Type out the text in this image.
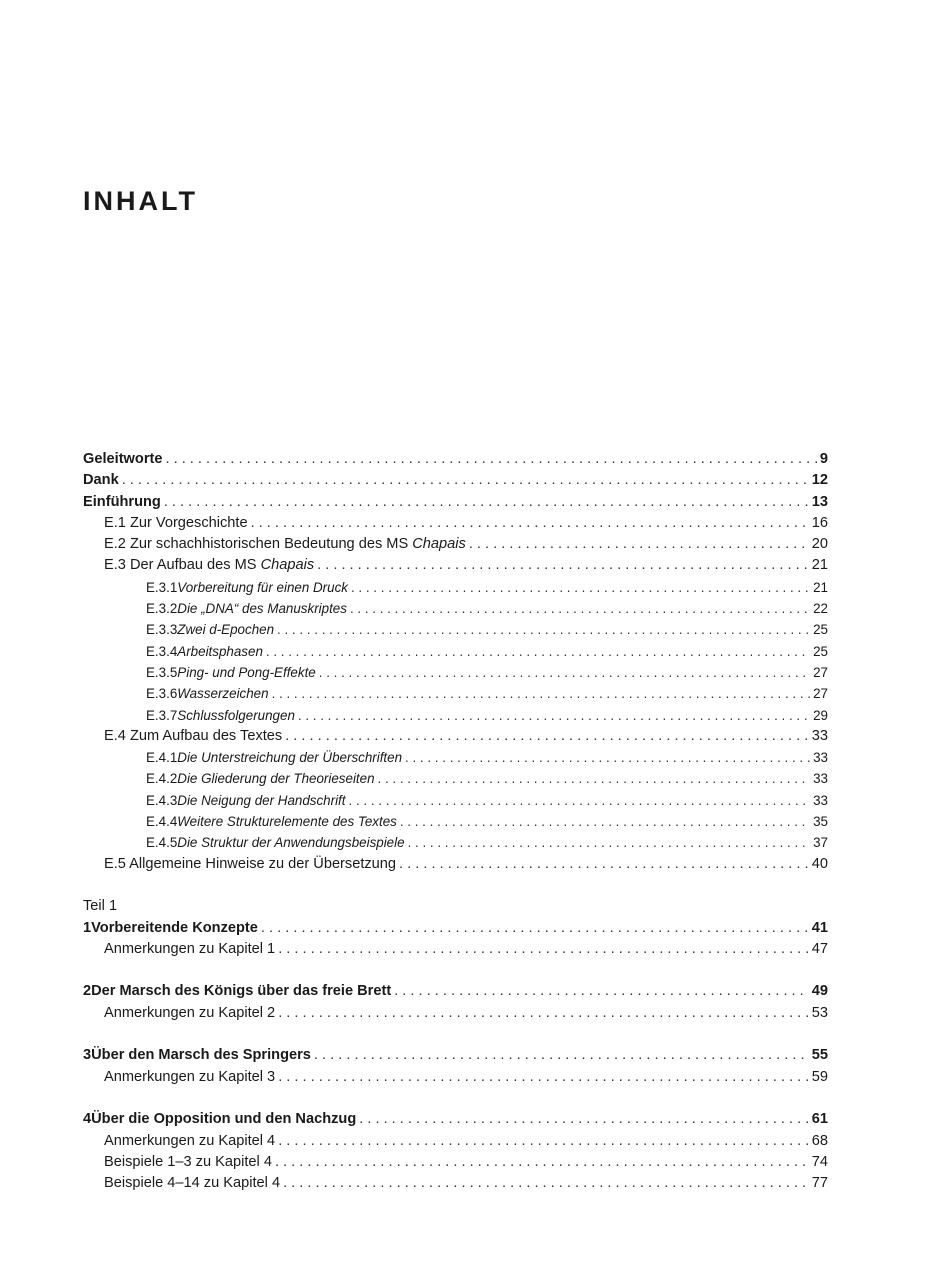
INHALT
Geleitworte . . .	9
Dank . . .	12
Einführung . . .	13
E.1 Zur Vorgeschichte . . .	16
E.2 Zur schachhistorischen Bedeutung des MS Chapais . . .	20
E.3 Der Aufbau des MS Chapais . . .	21
E.3.1 Vorbereitung für einen Druck . . .	21
E.3.2 Die „DNA“ des Manuskriptes . . .	22
E.3.3 Zwei d-Epochen . . .	25
E.3.4 Arbeitsphasen . . .	25
E.3.5 Ping- und Pong-Effekte . . .	27
E.3.6 Wasserzeichen . . .	27
E.3.7 Schlussfolgerungen . . .	29
E.4 Zum Aufbau des Textes . . .	33
E.4.1 Die Unterstreichung der Überschriften . . .	33
E.4.2 Die Gliederung der Theorieseiten . . .	33
E.4.3 Die Neigung der Handschrift . . .	33
E.4.4 Weitere Strukturelemente des Textes . . .	35
E.4.5 Die Struktur der Anwendungsbeispiele . . .	37
E.5 Allgemeine Hinweise zu der Übersetzung . . .	40
Teil 1
1 Vorbereitende Konzepte . . .	41
Anmerkungen zu Kapitel 1 . . .	47
2 Der Marsch des Königs über das freie Brett . . .	49
Anmerkungen zu Kapitel 2 . . .	53
3 Über den Marsch des Springers . . .	55
Anmerkungen zu Kapitel 3 . . .	59
4 Über die Opposition und den Nachzug . . .	61
Anmerkungen zu Kapitel 4 . . .	68
Beispiele 1–3 zu Kapitel 4 . . .	74
Beispiele 4–14 zu Kapitel 4 . . .	77
